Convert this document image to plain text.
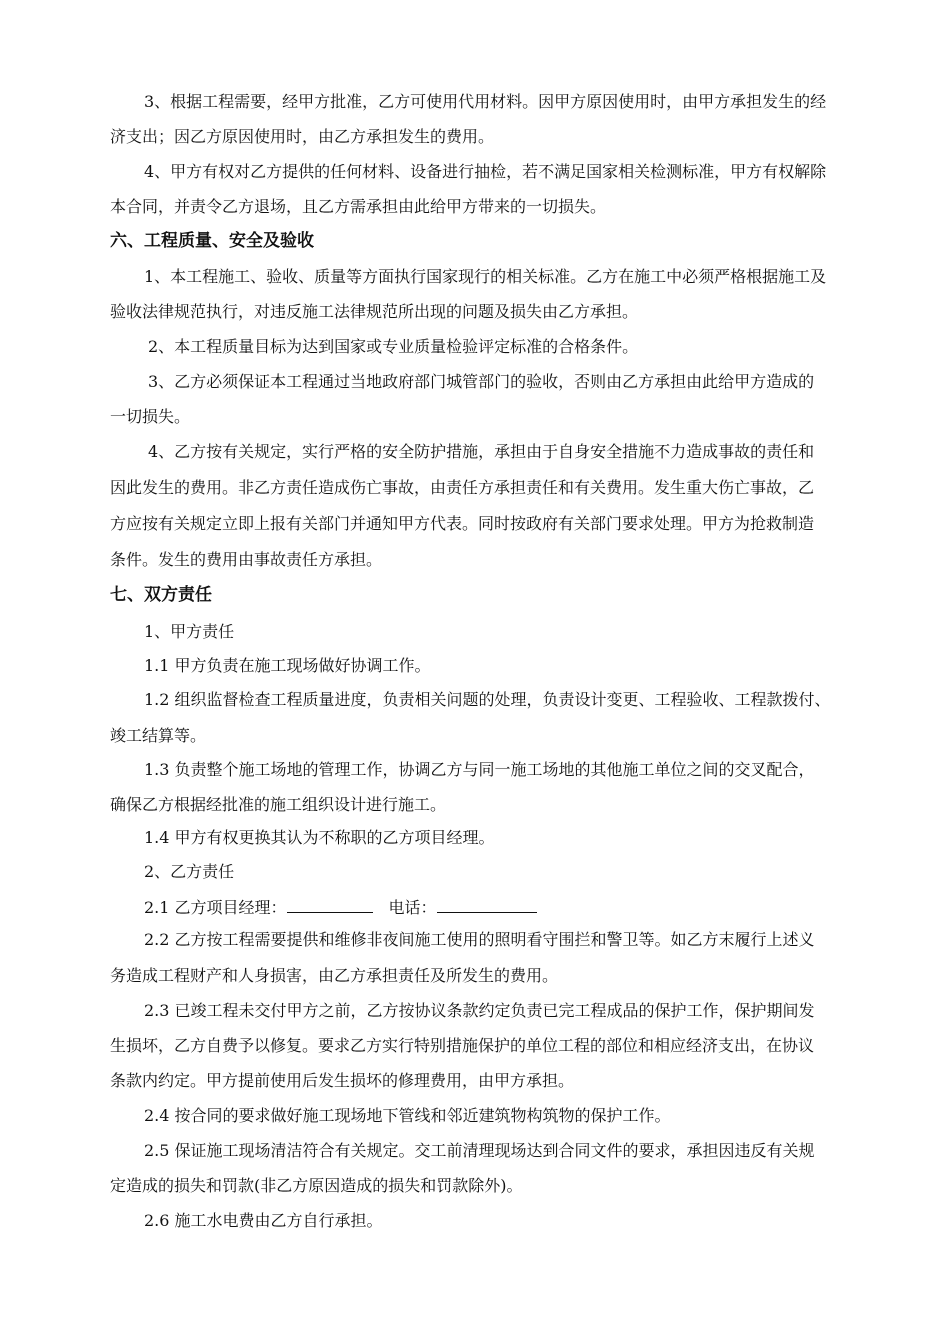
3、根据工程需要，经甲方批准，乙方可使用代用材料。因甲方原因使用时，由甲方承担发生的经
济支出；因乙方原因使用时，由乙方承担发生的费用。
4、甲方有权对乙方提供的任何材料、设备进行抽检，若不满足国家相关检测标准，甲方有权解除
本合同，并责令乙方退场，且乙方需承担由此给甲方带来的一切损失。
六、工程质量、安全及验收
1、本工程施工、验收、质量等方面执行国家现行的相关标准。乙方在施工中必须严格根据施工及
验收法律规范执行，对违反施工法律规范所出现的问题及损失由乙方承担。
2、本工程质量目标为达到国家或专业质量检验评定标准的合格条件。
3、乙方必须保证本工程通过当地政府部门城管部门的验收，否则由乙方承担由此给甲方造成的
一切损失。
4、乙方按有关规定，实行严格的安全防护措施，承担由于自身安全措施不力造成事故的责任和
因此发生的费用。非乙方责任造成伤亡事故，由责任方承担责任和有关费用。发生重大伤亡事故，乙
方应按有关规定立即上报有关部门并通知甲方代表。同时按政府有关部门要求处理。甲方为抢救制造
条件。发生的费用由事故责任方承担。
七、双方责任
1、甲方责任
1.1 甲方负责在施工现场做好协调工作。
1.2 组织监督检查工程质量进度，负责相关问题的处理，负责设计变更、工程验收、工程款拨付、
竣工结算等。
1.3 负责整个施工场地的管理工作，协调乙方与同一施工场地的其他施工单位之间的交叉配合，
确保乙方根据经批准的施工组织设计进行施工。
1.4 甲方有权更换其认为不称职的乙方项目经理。
2、乙方责任
2.1 乙方项目经理：	电话：
2.2 乙方按工程需要提供和维修非夜间施工使用的照明看守围拦和警卫等。如乙方末履行上述义
务造成工程财产和人身损害，由乙方承担责任及所发生的费用。
2.3 已竣工程未交付甲方之前，乙方按协议条款约定负责已完工程成品的保护工作，保护期间发
生损坏，乙方自费予以修复。要求乙方实行特别措施保护的单位工程的部位和相应经济支出，在协议
条款内约定。甲方提前使用后发生损坏的修理费用，由甲方承担。
2.4 按合同的要求做好施工现场地下管线和邻近建筑物构筑物的保护工作。
2.5 保证施工现场清洁符合有关规定。交工前清理现场达到合同文件的要求，承担因违反有关规
定造成的损失和罚款(非乙方原因造成的损失和罚款除外)。
2.6 施工水电费由乙方自行承担。
